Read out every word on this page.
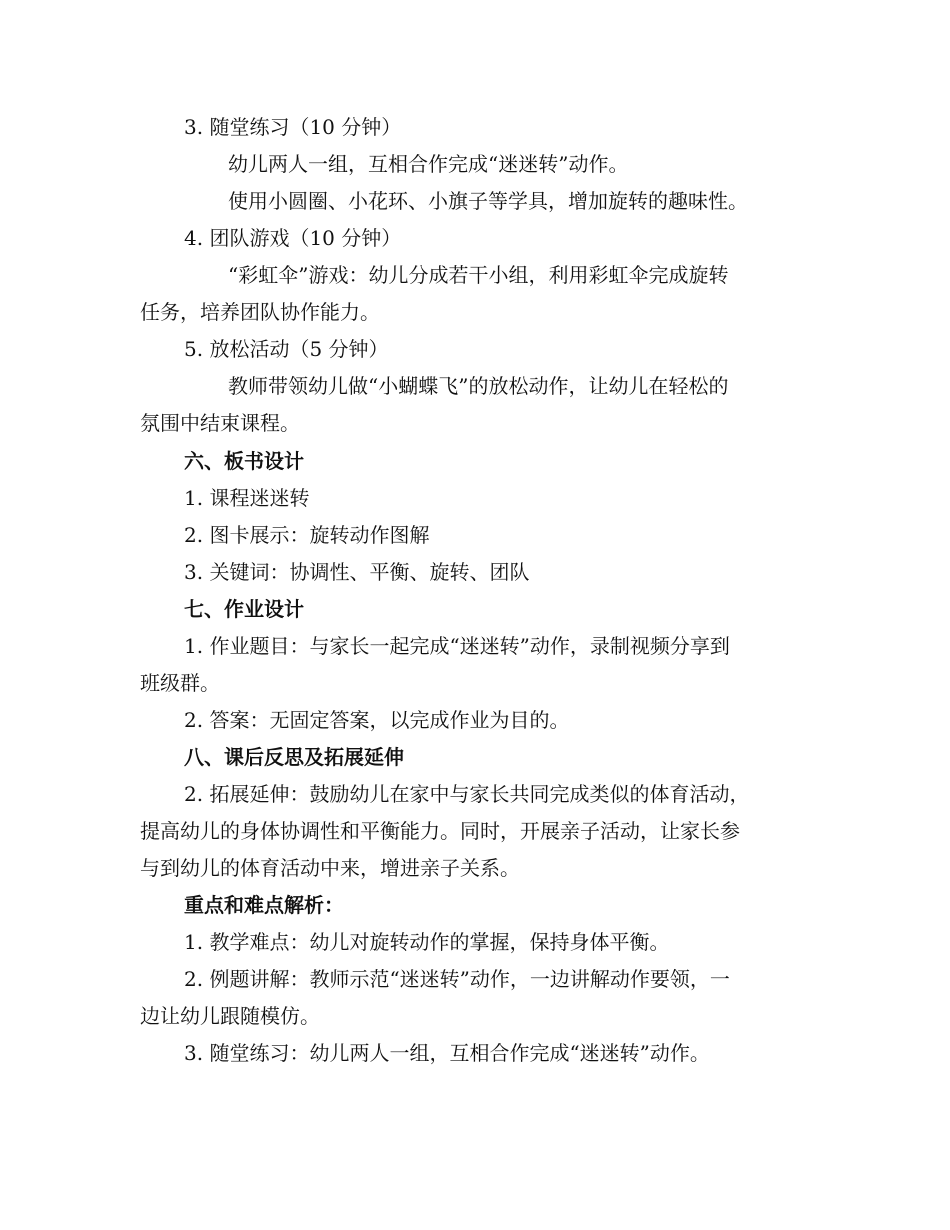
3. 随堂练习（10 分钟）
幼儿两人一组，互相合作完成“迷迷转”动作。
使用小圆圈、小花环、小旗子等学具，增加旋转的趣味性。
4. 团队游戏（10 分钟）
“彩虹伞”游戏：幼儿分成若干小组，利用彩虹伞完成旋转
任务，培养团队协作能力。
5. 放松活动（5 分钟）
教师带领幼儿做“小蝴蝶飞”的放松动作，让幼儿在轻松的
氛围中结束课程。
六、板书设计
1. 课程迷迷转
2. 图卡展示：旋转动作图解
3. 关键词：协调性、平衡、旋转、团队
七、作业设计
1. 作业题目：与家长一起完成“迷迷转”动作，录制视频分享到
班级群。
2. 答案：无固定答案，以完成作业为目的。
八、课后反思及拓展延伸
2. 拓展延伸：鼓励幼儿在家中与家长共同完成类似的体育活动，
提高幼儿的身体协调性和平衡能力。同时，开展亲子活动，让家长参
与到幼儿的体育活动中来，增进亲子关系。
重点和难点解析：
1. 教学难点：幼儿对旋转动作的掌握，保持身体平衡。
2. 例题讲解：教师示范“迷迷转”动作，一边讲解动作要领，一
边让幼儿跟随模仿。
3. 随堂练习：幼儿两人一组，互相合作完成“迷迷转”动作。
